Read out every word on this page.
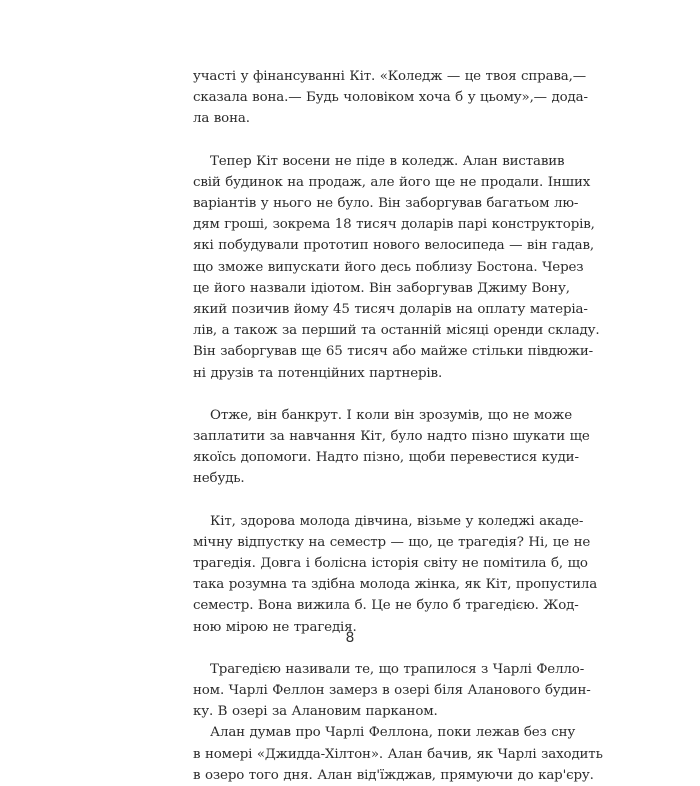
участі у фінансуванні Кіт. «Коледж — це твоя справа,—
сказала вона.— Будь чоловіком хоча б у цьому»,— дода-
ла вона.

Тепер Кіт восени не піде в коледж. Алан виставив
свій будинок на продаж, але його ще не продали. Інших
варіантів у нього не було. Він заборгував багатьом лю-
дям гроші, зокрема 18 тисяч доларів парі конструкторів,
які побудували прототип нового велосипеда — він гадав,
що зможе випускати його десь поблизу Бостона. Через
це його назвали ідіотом. Він заборгував Джиму Вону,
який позичив йому 45 тисяч доларів на оплату матеріа-
лів, а також за перший та останній місяці оренди складу.
Він заборгував ще 65 тисяч або майже стільки півдюжи-
ні друзів та потенційних партнерів.

Отже, він банкрут. І коли він зрозумів, що не може
заплатити за навчання Кіт, було надто пізно шукати ще
якоїсь допомоги. Надто пізно, щоби перевестися куди-
небудь.

Кіт, здорова молода дівчина, візьме у коледжі акаде-
мічну відпустку на семестр — що, це трагедія? Ні, це не
трагедія. Довга і болісна історія світу не помітила б, що
така розумна та здібна молода жінка, як Кіт, пропустила
семестр. Вона вижила б. Це не було б трагедією. Жод-
ною мірою не трагедія.

Трагедією називали те, що трапилося з Чарлі Фелло-
ном. Чарлі Феллон замерз в озері біля Аланового будин-
ку. В озері за Алановим парканом.

Алан думав про Чарлі Феллона, поки лежав без сну
в номері «Джидда-Хілтон». Алан бачив, як Чарлі заходить
в озеро того дня. Алан від'їжджав, прямуючи до кар'єру.

8
